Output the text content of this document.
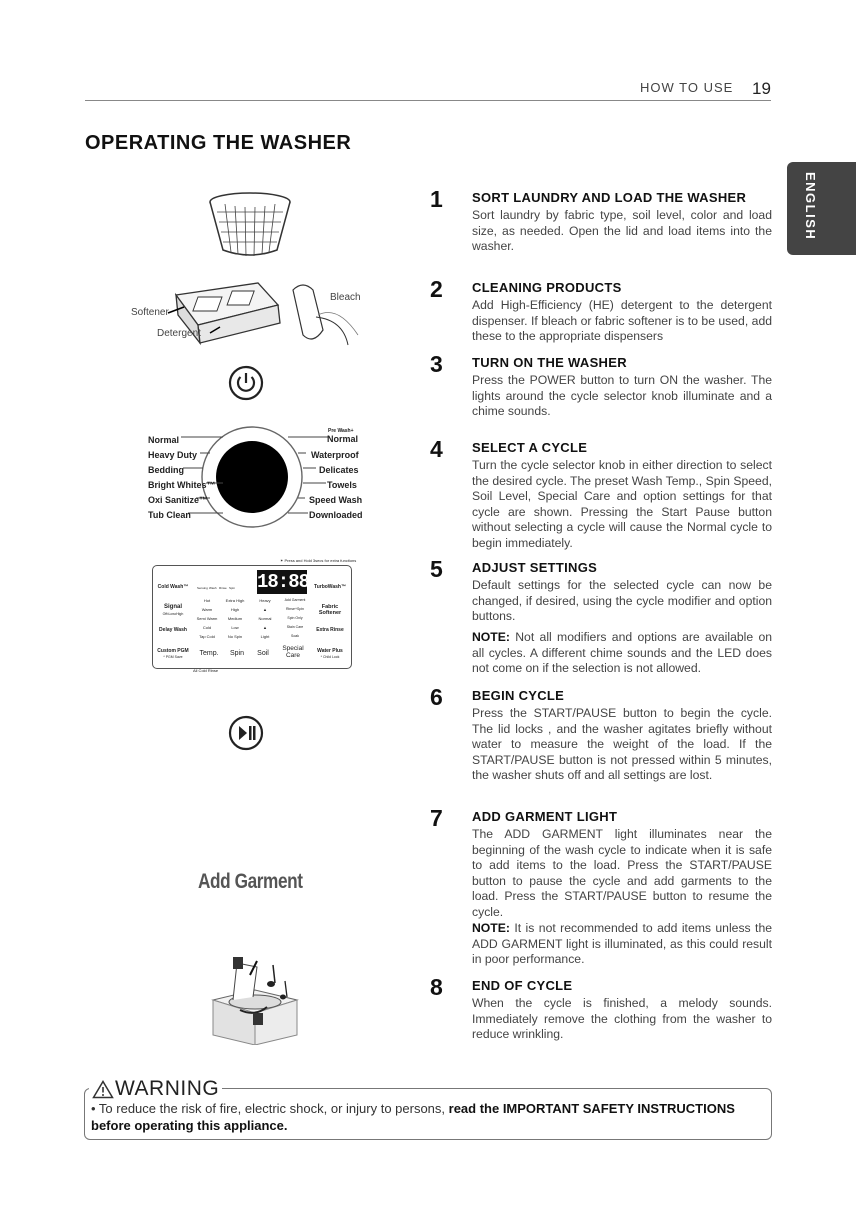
HOW TO USE 19
OPERATING THE WASHER
ENGLISH
Softener
Detergent
Bleach
Normal
Heavy Duty
Bedding
Bright Whites™
Oxi Sanitize™
Tub Clean
Pre Wash+
Normal
Waterproof
Delicates
Towels
Speed Wash
Downloaded
✶ Press and Hold 3secs for extra functions
18:88
Cold Wash™
Signal
Off•Low•High
Delay Wash
Custom PGM
* PGM Save
TurboWash™
Fabric Softener
Extra Rinse
Water Plus
* Child Lock
Sensing Wash Rinse Spin
Hot
Warm
Semi Warm
Cold
Tap Cold
Extra High
High
Medium
Low
No Spin
Heavy
▲
Normal
▲
Light
Add Garment
Rinse+Spin
Spin Only
Stain Care
Soak
Temp.	Spin	Soil
Special Care
All Cold Rinse
Add Garment
1 SORT LAUNDRY AND LOAD THE WASHER

Sort laundry by fabric type, soil level, color and load size, as needed. Open the lid and load items into the washer.

2 CLEANING PRODUCTS

Add High-Efficiency (HE) detergent to the detergent dispenser. If bleach or fabric softener is to be used, add these to the appropriate dispensers

3 TURN ON THE WASHER

Press the POWER button to turn ON the washer. The lights around the cycle selector knob illuminate and a chime sounds.

4 SELECT A CYCLE

Turn the cycle selector knob in either direction to select the desired cycle. The preset Wash Temp., Spin Speed, Soil Level, Special Care and option settings for that cycle are shown. Pressing the Start Pause button without selecting a cycle will cause the Normal cycle to begin immediately.

5 ADJUST SETTINGS

Default settings for the selected cycle can now be changed, if desired, using the cycle modifier and option buttons.

NOTE: Not all modifiers and options are available on all cycles. A different chime sounds and the LED does not come on if the selection is not allowed.

6 BEGIN CYCLE

Press the START/PAUSE button to begin the cycle. The lid locks , and the washer agitates briefly without water to measure the weight of the load. If the START/PAUSE button is not pressed within 5 minutes, the washer shuts off and all settings are lost.

7 ADD GARMENT LIGHT

The ADD GARMENT light illuminates near the beginning of the wash cycle to indicate when it is safe to add items to the load. Press the START/PAUSE button to pause the cycle and add garments to the load. Press the START/PAUSE button to resume the cycle.

NOTE: It is not recommended to add items unless the ADD GARMENT light is illuminated, as this could result in poor performance.

8 END OF CYCLE

When the cycle is finished, a melody sounds. Immediately remove the clothing from the washer to reduce wrinkling.

WARNING
• To reduce the risk of fire, electric shock, or injury to persons, read the IMPORTANT SAFETY INSTRUCTIONS before operating this appliance.
